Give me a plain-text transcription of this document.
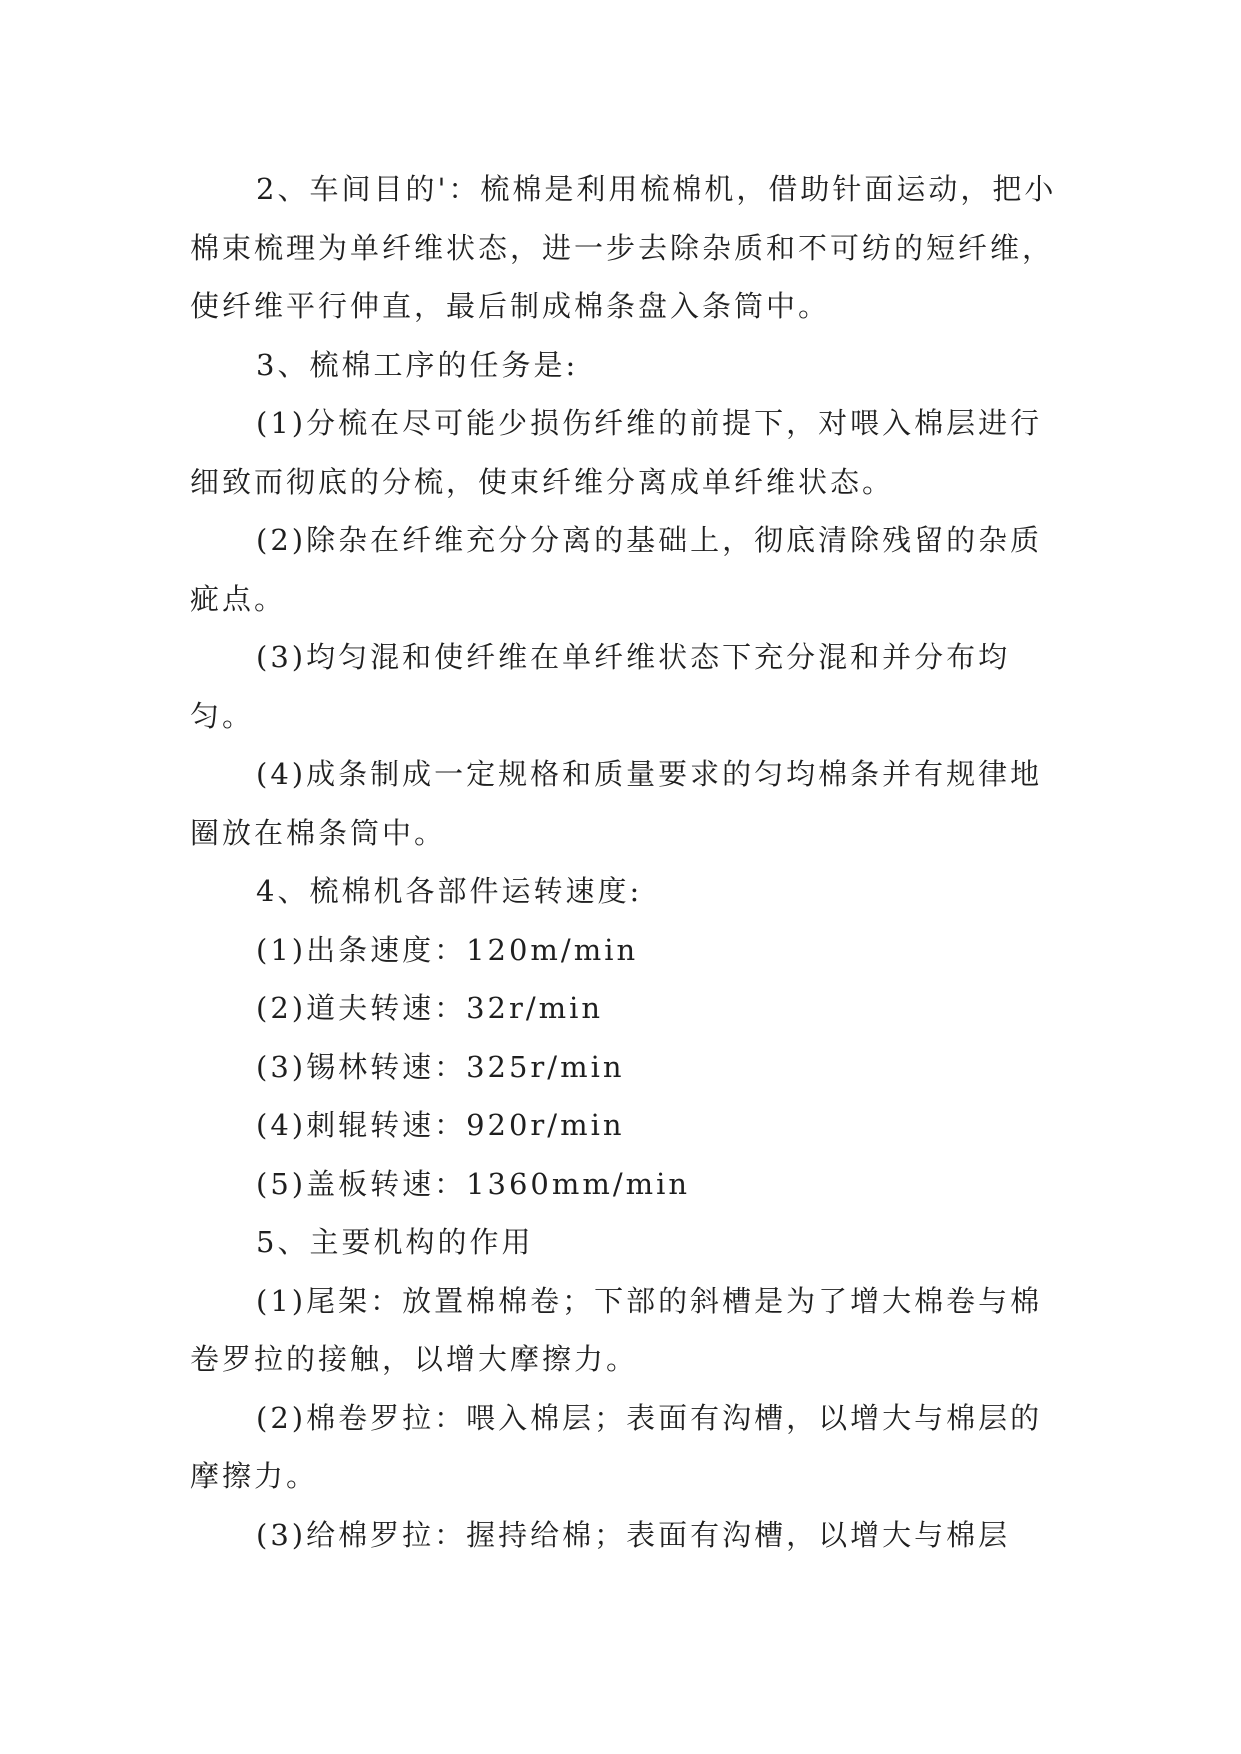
2、车间目的'：梳棉是利用梳棉机，借助针面运动，把小棉束梳理为单纤维状态，进一步去除杂质和不可纺的短纤维，使纤维平行伸直，最后制成棉条盘入条筒中。

3、梳棉工序的任务是:

(1)分梳在尽可能少损伤纤维的前提下，对喂入棉层进行细致而彻底的分梳，使束纤维分离成单纤维状态。

(2)除杂在纤维充分分离的基础上，彻底清除残留的杂质疵点。

(3)均匀混和使纤维在单纤维状态下充分混和并分布均匀。

(4)成条制成一定规格和质量要求的匀均棉条并有规律地圈放在棉条筒中。

4、梳棉机各部件运转速度:

(1)出条速度：120m/min

(2)道夫转速：32r/min

(3)锡林转速：325r/min

(4)刺辊转速：920r/min

(5)盖板转速：1360mm/min

5、主要机构的作用

(1)尾架：放置棉棉卷；下部的斜槽是为了增大棉卷与棉卷罗拉的接触，以增大摩擦力。

(2)棉卷罗拉：喂入棉层；表面有沟槽，以增大与棉层的摩擦力。

(3)给棉罗拉：握持给棉；表面有沟槽，以增大与棉层
